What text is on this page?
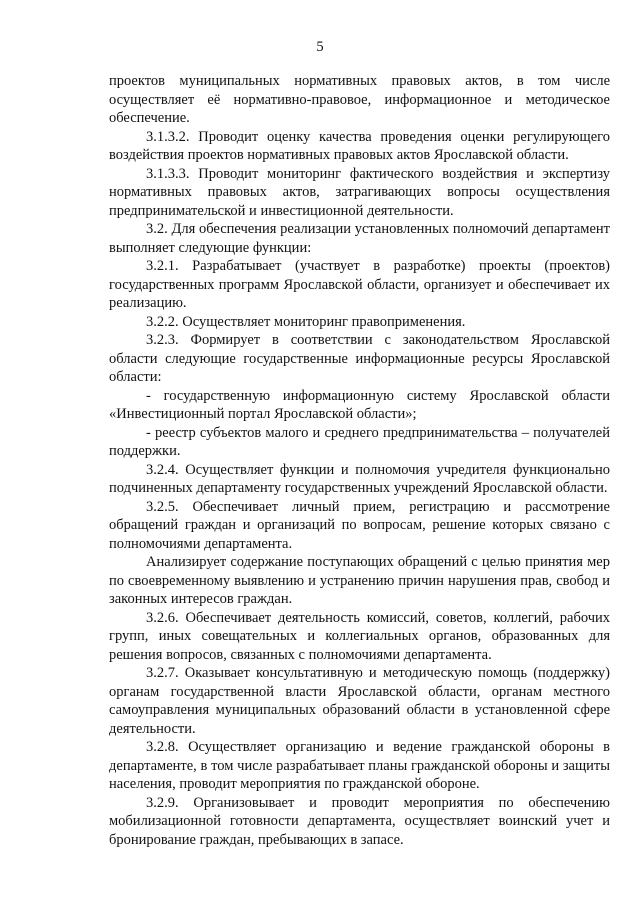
5

проектов муниципальных нормативных правовых актов, в том числе осуществляет её нормативно-правовое, информационное и методическое обеспечение.

3.1.3.2. Проводит оценку качества проведения оценки регулирующего воздействия проектов нормативных правовых актов Ярославской области.

3.1.3.3. Проводит мониторинг фактического воздействия и экспертизу нормативных правовых актов, затрагивающих вопросы осуществления предпринимательской и инвестиционной деятельности.

3.2. Для обеспечения реализации установленных полномочий департамент выполняет следующие функции:

3.2.1. Разрабатывает (участвует в разработке) проекты (проектов) государственных программ Ярославской области, организует и обеспечивает их реализацию.

3.2.2. Осуществляет мониторинг правоприменения.

3.2.3. Формирует в соответствии с законодательством Ярославской области следующие государственные информационные ресурсы Ярославской области:

- государственную информационную систему Ярославской области «Инвестиционный портал Ярославской области»;

- реестр субъектов малого и среднего предпринимательства – получателей поддержки.

3.2.4. Осуществляет функции и полномочия учредителя функционально подчиненных департаменту государственных учреждений Ярославской области.

3.2.5. Обеспечивает личный прием, регистрацию и рассмотрение обращений граждан и организаций по вопросам, решение которых связано с полномочиями департамента.

Анализирует содержание поступающих обращений с целью принятия мер по своевременному выявлению и устранению причин нарушения прав, свобод и законных интересов граждан.

3.2.6. Обеспечивает деятельность комиссий, советов, коллегий, рабочих групп, иных совещательных и коллегиальных органов, образованных для решения вопросов, связанных с полномочиями департамента.

3.2.7. Оказывает консультативную и методическую помощь (поддержку) органам государственной власти Ярославской области, органам местного самоуправления муниципальных образований области в установленной сфере деятельности.

3.2.8. Осуществляет организацию и ведение гражданской обороны в департаменте, в том числе разрабатывает планы гражданской обороны и защиты населения, проводит мероприятия по гражданской обороне.

3.2.9. Организовывает и проводит мероприятия по обеспечению мобилизационной готовности департамента, осуществляет воинский учет и бронирование граждан, пребывающих в запасе.
